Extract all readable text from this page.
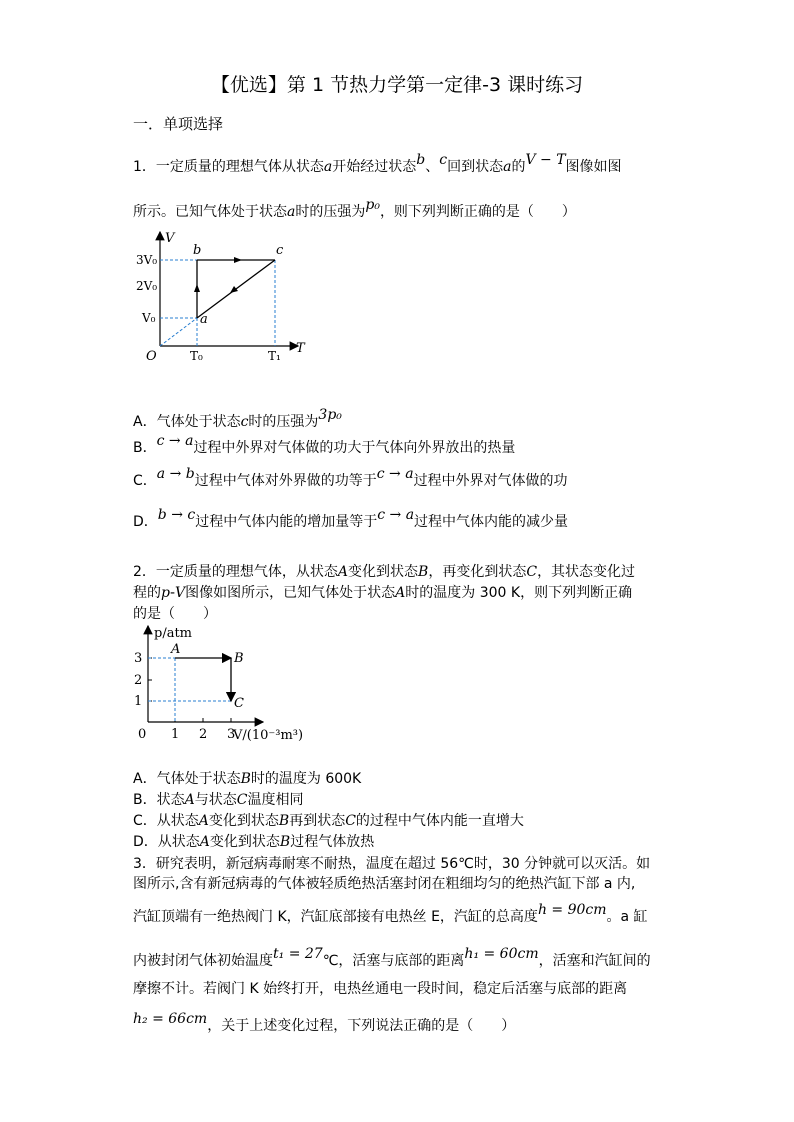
【优选】第 1 节热力学第一定律-3 课时练习
一．单项选择
1．一定质量的理想气体从状态a开始经过状态b、c回到状态a的V − T图像如图
所示。已知气体处于状态a时的压强为p₀，则下列判断正确的是（　　）
V
T
O
3V₀
2V₀
V₀
T₀	T₁
a
b	c
A．气体处于状态c时的压强为3p₀
B．c → a过程中外界对气体做的功大于气体向外界放出的热量
C．a → b过程中气体对外界做的功等于c → a过程中外界对气体做的功
D．b → c过程中气体内能的增加量等于c → a过程中气体内能的减少量
2．一定质量的理想气体，从状态A变化到状态B，再变化到状态C，其状态变化过
程的p-V图像如图所示，已知气体处于状态A时的温度为 300 K，则下列判断正确
的是（　　）
p/atm
V/(10⁻³m³)
3
2
1
0 1 2 3
A
B
C
A．气体处于状态B时的温度为 600K
B．状态A与状态C温度相同
C．从状态A变化到状态B再到状态C的过程中气体内能一直增大
D．从状态A变化到状态B过程气体放热
3．研究表明，新冠病毒耐寒不耐热，温度在超过 56℃时，30 分钟就可以灭活。如
图所示,含有新冠病毒的气体被轻质绝热活塞封闭在粗细均匀的绝热汽缸下部 a 内,
汽缸顶端有一绝热阀门 K，汽缸底部接有电热丝 E，汽缸的总高度h = 90cm。a 缸
内被封闭气体初始温度t₁ = 27℃，活塞与底部的距离h₁ = 60cm，活塞和汽缸间的
摩擦不计。若阀门 K 始终打开，电热丝通电一段时间，稳定后活塞与底部的距离
h₂ = 66cm，关于上述变化过程，下列说法正确的是（　　）
